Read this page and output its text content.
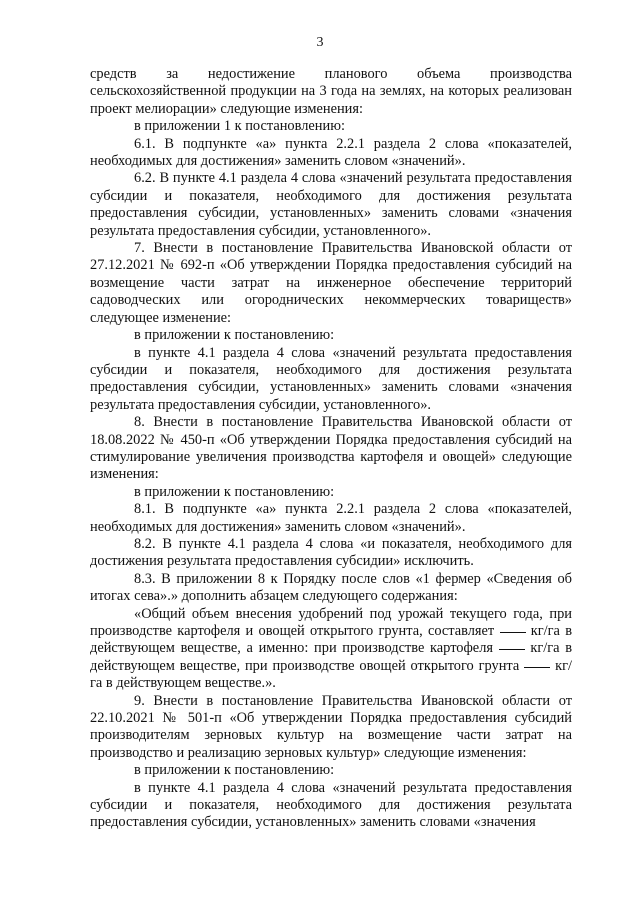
3

средств за недостижение планового объема производства сельскохозяйственной продукции на 3 года на землях, на которых реализован проект мелиорации» следующие изменения:

в приложении 1 к постановлению:

6.1. В подпункте «а» пункта 2.2.1 раздела 2 слова «показателей, необходимых для достижения» заменить словом «значений».

6.2. В пункте 4.1 раздела 4 слова «значений результата предоставления субсидии и показателя, необходимого для достижения результата предоставления субсидии, установленных» заменить словами «значения результата предоставления субсидии, установленного».

7. Внести в постановление Правительства Ивановской области от 27.12.2021 № 692-п «Об утверждении Порядка предоставления субсидий на возмещение части затрат на инженерное обеспечение территорий садоводческих или огороднических некоммерческих товариществ» следующее изменение:

в приложении к постановлению:

в пункте 4.1 раздела 4 слова «значений результата предоставления субсидии и показателя, необходимого для достижения результата предоставления субсидии, установленных» заменить словами «значения результата предоставления субсидии, установленного».

8. Внести в постановление Правительства Ивановской области от 18.08.2022 № 450-п «Об утверждении Порядка предоставления субсидий на стимулирование увеличения производства картофеля и овощей» следующие изменения:

в приложении к постановлению:

8.1. В подпункте «а» пункта 2.2.1 раздела 2 слова «показателей, необходимых для достижения» заменить словом «значений».

8.2. В пункте 4.1 раздела 4 слова «и показателя, необходимого для достижения результата предоставления субсидии» исключить.

8.3. В приложении 8 к Порядку после слов «1 фермер «Сведения об итогах сева».» дополнить абзацем следующего содержания:

«Общий объем внесения удобрений под урожай текущего года, при производстве картофеля и овощей открытого грунта, составляет	кг/га в действующем веществе, а именно: при производстве картофеля	кг/га в действующем веществе, при производстве овощей открытого грунта кг/га в действующем веществе.».

9. Внести в постановление Правительства Ивановской области от 22.10.2021 № 501-п «Об утверждении Порядка предоставления субсидий производителям зерновых культур на возмещение части затрат на производство и реализацию зерновых культур» следующие изменения:

в приложении к постановлению:

в пункте 4.1 раздела 4 слова «значений результата предоставления субсидии и показателя, необходимого для достижения результата предоставления субсидии, установленных» заменить словами «значения
